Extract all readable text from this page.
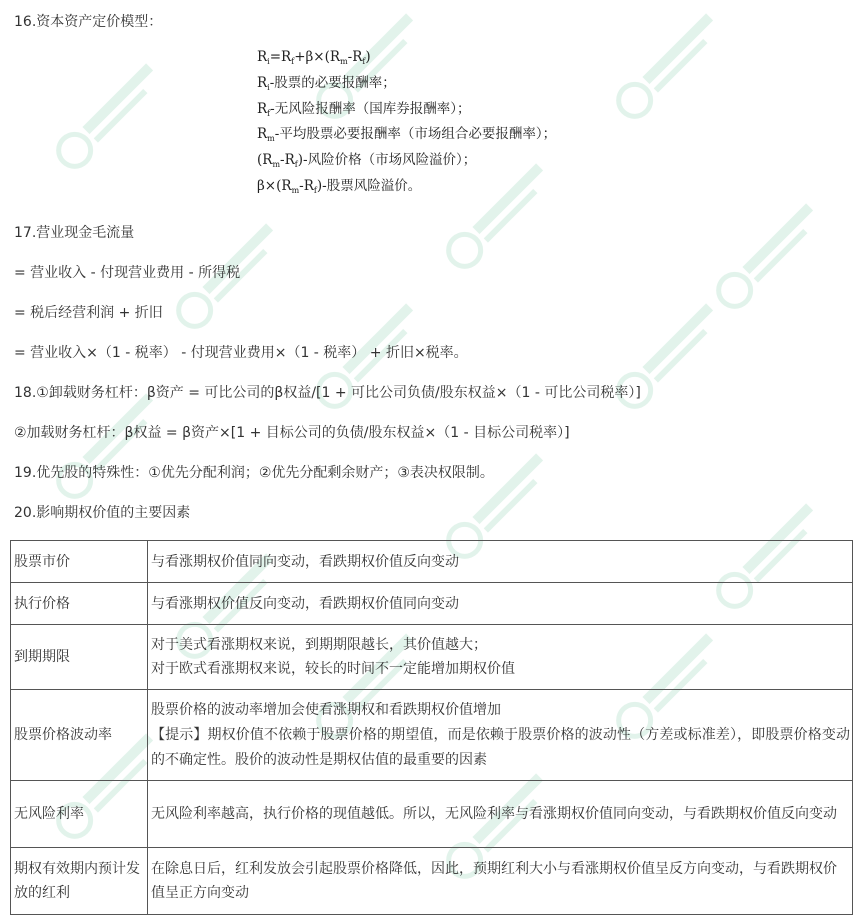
16.资本资产定价模型：
$R_i=R_f+\beta\times(R_m-R_f)$
$R_i-$股票的必要报酬率；
$R_f-$无风险报酬率（国库券报酬率）；
$R_m-$平均股票必要报酬率（市场组合必要报酬率）；
$(R_m-R_f)-$风险价格（市场风险溢价）；
$\beta\times(R_m-R_f)-$股票风险溢价。
17.营业现金毛流量
= 营业收入 - 付现营业费用 - 所得税
= 税后经营利润 + 折旧
= 营业收入×（1 - 税率） - 付现营业费用×（1 - 税率） + 折旧×税率。
18.①卸载财务杠杆：β资产 = 可比公司的β权益/[1 + 可比公司负债/股东权益×（1 - 可比公司税率）]
②加载财务杠杆：β权益 = β资产×[1 + 目标公司的负债/股东权益×（1 - 目标公司税率）]
19.优先股的特殊性：①优先分配利润；②优先分配剩余财产；③表决权限制。
20.影响期权价值的主要因素
股票市价	与看涨期权价值同向变动，看跌期权价值反向变动

执行价格	与看涨期权价值反向变动，看跌期权价值同向变动

到期期限	对于美式看涨期权来说，到期期限越长，其价值越大；
对于欧式看涨期权来说，较长的时间不一定能增加期权价值

股票价格波动率	股票价格的波动率增加会使看涨期权和看跌期权价值增加
【提示】期权价值不依赖于股票价格的期望值，而是依赖于股票价格的波动性（方差或标准差），即股票价格变动的不确定性。股价的波动性是期权估值的最重要的因素

无风险利率	无风险利率越高，执行价格的现值越低。所以，无风险利率与看涨期权价值同向变动，与看跌期权价值反向变动

期权有效期内预计发放的红利	在除息日后，红利发放会引起股票价格降低，因此，预期红利大小与看涨期权价值呈反方向变动，与看跌期权价值呈正方向变动
